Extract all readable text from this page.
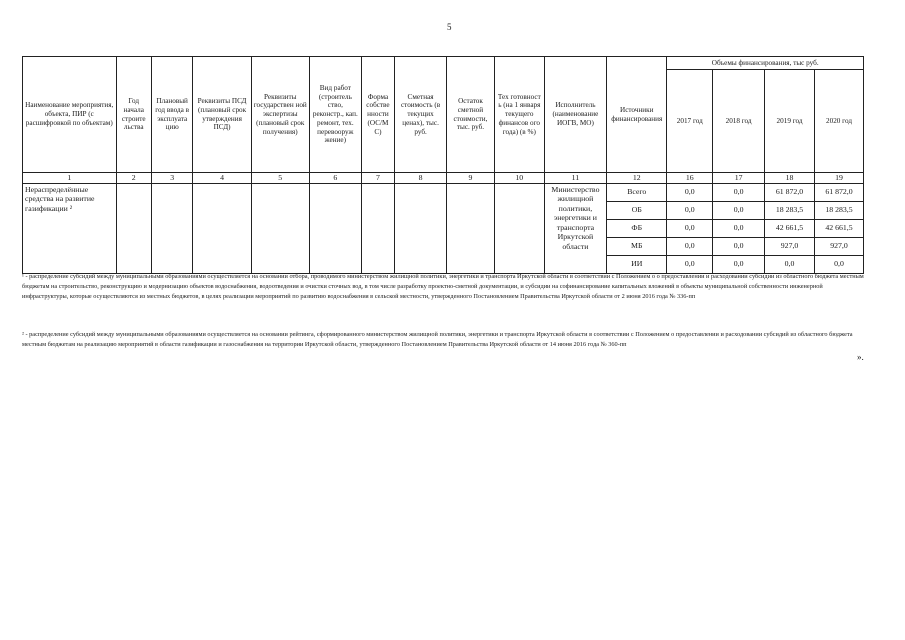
5
Наименование мероприятия, объекта, ПИР (с расшифровкой по объектам)	Год начала строите льства	Плановый год ввода в эксплуата цию	Реквизиты ПСД (плановый срок утверждения ПСД)	Реквизиты государствен ной экспертизы (плановый срок получения)	Вид работ (строитель ство, реконстр., кап. ремонт, тех. перевооруж жение)	Форма собстве нности (ОС/М С)	Сметная стоимость (в текущих ценах), тыс. руб.	Остаток сметной стоимости, тыс. руб.	Тех готовност ь (на 1 января текущего финансов ого года) (в %)	Исполнитель (наименование ИОГВ, МО)	Источники финансирования	Объемы финансирования, тыс руб.			
												2017 год	2018 год	2019 год	2020 год
1	2	3	4	5	6	7	8	9	10	11	12	16	17	18	19
Нераспределённые средства на развитие газификации ²										Министерство жилищной политики, энергетики и транспорта Иркутской области	Всего	0,0	0,0	61 872,0	61 872,0
											ОБ	0,0	0,0	18 283,5	18 283,5
											ФБ	0,0	0,0	42 661,5	42 661,5
											МБ	0,0	0,0	927,0	927,0
											ИИ	0,0	0,0	0,0	0,0
¹ - распределение субсидий между муниципальными образованиями осуществляется на основании отбора, проводимого министерством жилищной политики, энергетики и транспорта Иркутской области в соответствии с Положением о о предоставлении и расходовании субсидии из областного бюджета местным бюджетам на строительство, реконструкцию и модернизацию объектов водоснабжения, водоотведения и очистки сточных вод, в том числе разработку проектно-сметной документации, и субсидии на софинансирование капитальных вложений в объекты муниципальной собственности инженерной инфраструктуры, которые осуществляются из местных бюджетов, в целях реализации мероприятий по развитию водоснабжения в сельской местности, утвержденного Постановлением Правительства Иркутской области от 2 июня 2016 года № 336-пп
² - распределение субсидий между муниципальными образованиями осуществляется на основании рейтинга, сформированного министерством жилищной политики, энергетики и транспорта Иркутской области в соответствии с Положением о предоставлении и расходовании субсидий из областного бюджета местным бюджетам на реализацию мероприятий в области газификации и газоснабжения на территории Иркутской области, утвержденного Постановлением Правительства Иркутской области от 14 июня 2016 года № 360-пп
».
